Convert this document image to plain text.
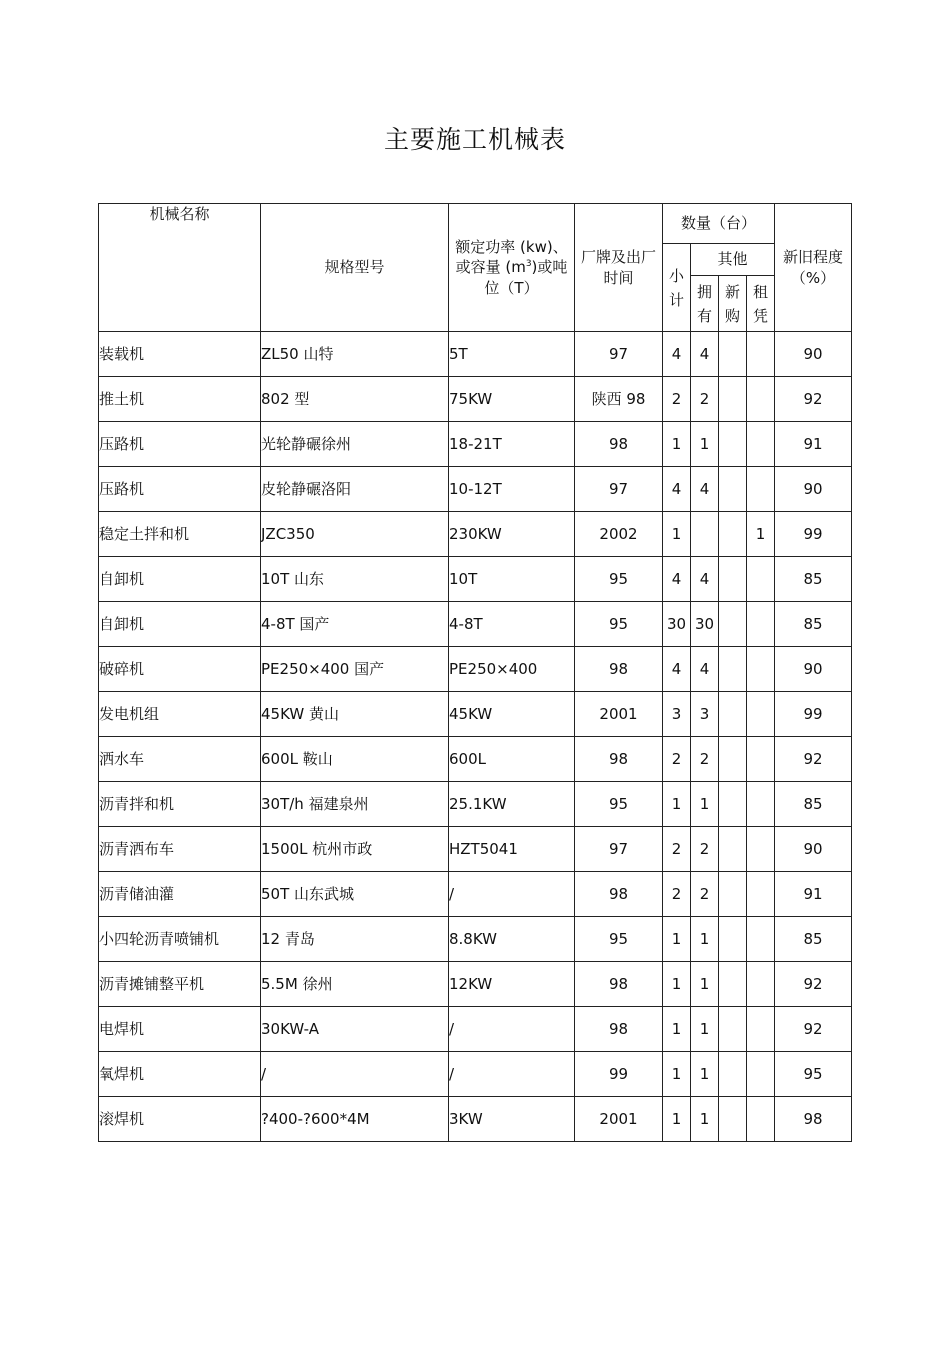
主要施工机械表
机械名称	规格型号	额定功率 (kw)、或容量 $(m^3)$或吨位（T）	厂牌及出厂时间	数量（台）				新旧程度（%）
				小计	其他			
					拥有	新购	租凭	
装载机	ZL50 山特	5T	97	4	4			90
推土机	802 型	75KW	陕西 98	2	2			92
压路机	光轮静碾徐州	18-21T	98	1	1			91
压路机	皮轮静碾洛阳	10-12T	97	4	4			90
稳定土拌和机	JZC350	230KW	2002	1			1	99
自卸机	10T 山东	10T	95	4	4			85
自卸机	4-8T 国产	4-8T	95	30	30			85
破碎机	PE250×400 国产	PE250×400	98	4	4			90
发电机组	45KW 黄山	45KW	2001	3	3			99
洒水车	600L 鞍山	600L	98	2	2			92
沥青拌和机	30T/h 福建泉州	25.1KW	95	1	1			85
沥青洒布车	1500L 杭州市政	HZT5041	97	2	2			90
沥青储油灌	50T 山东武城	/	98	2	2			91
小四轮沥青喷铺机	12 青岛	8.8KW	95	1	1			85
沥青摊铺整平机	5.5M 徐州	12KW	98	1	1			92
电焊机	30KW-A	/	98	1	1			92
氧焊机	/	/	99	1	1			95
滚焊机	?400-?600*4M	3KW	2001	1	1			98
